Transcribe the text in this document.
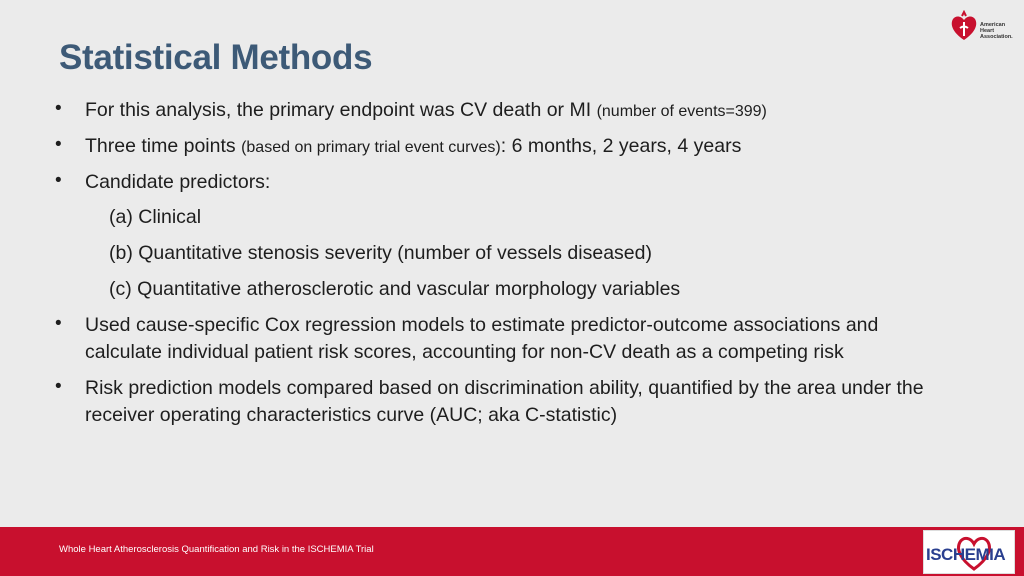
American
Heart
Association.
Statistical Methods
• For this analysis, the primary endpoint was CV death or MI (number of events=399)
• Three time points (based on primary trial event curves): 6 months, 2 years, 4 years
• Candidate predictors:
(a) Clinical
(b) Quantitative stenosis severity (number of vessels diseased)
(c) Quantitative atherosclerotic and vascular morphology variables
• Used cause-specific Cox regression models to estimate predictor-outcome associations and
calculate individual patient risk scores, accounting for non-CV death as a competing risk
• Risk prediction models compared based on discrimination ability, quantified by the area under the
receiver operating characteristics curve (AUC; aka C-statistic)
Whole Heart Atherosclerosis Quantification and Risk in the ISCHEMIA Trial	ISCHEMIA
